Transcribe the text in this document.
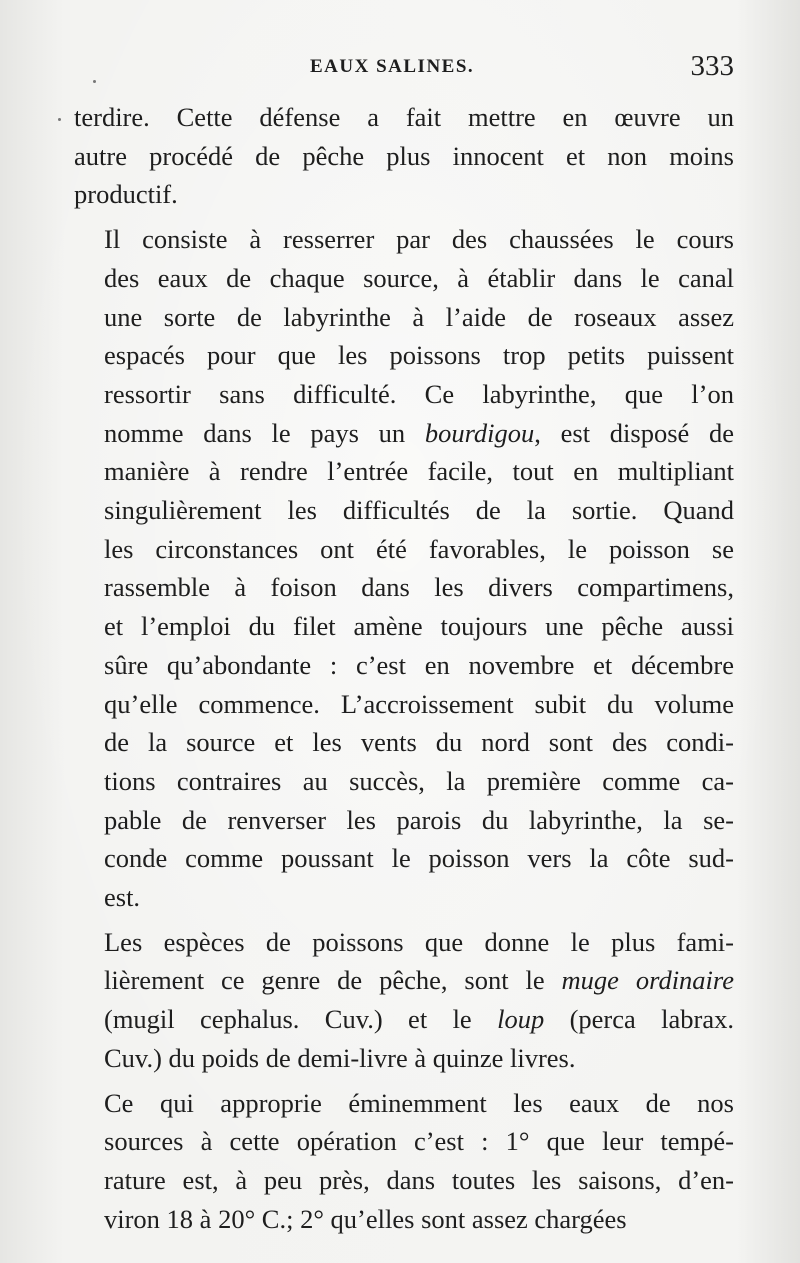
EAUX SALINES.	333

terdire. Cette défense a fait mettre en œuvre un
autre procédé de pêche plus innocent et non moins
productif.

Il consiste à resserrer par des chaussées le cours
des eaux de chaque source, à établir dans le canal
une sorte de labyrinthe à l’aide de roseaux assez
espacés pour que les poissons trop petits puissent
ressortir sans difficulté. Ce labyrinthe, que l’on
nomme dans le pays un bourdigou, est disposé de
manière à rendre l’entrée facile, tout en multipliant
singulièrement les difficultés de la sortie. Quand
les circonstances ont été favorables, le poisson se
rassemble à foison dans les divers compartimens,
et l’emploi du filet amène toujours une pêche aussi
sûre qu’abondante : c’est en novembre et décembre
qu’elle commence. L’accroissement subit du volume
de la source et les vents du nord sont des condi-
tions contraires au succès, la première comme ca-
pable de renverser les parois du labyrinthe, la se-
conde comme poussant le poisson vers la côte sud-
est.

Les espèces de poissons que donne le plus fami-
lièrement ce genre de pêche, sont le muge ordinaire
(mugil cephalus. Cuv.) et le loup (perca labrax.
Cuv.) du poids de demi-livre à quinze livres.

Ce qui approprie éminemment les eaux de nos
sources à cette opération c’est : 1° que leur tempé-
rature est, à peu près, dans toutes les saisons, d’en-
viron 18 à 20° C.; 2° qu’elles sont assez chargées
